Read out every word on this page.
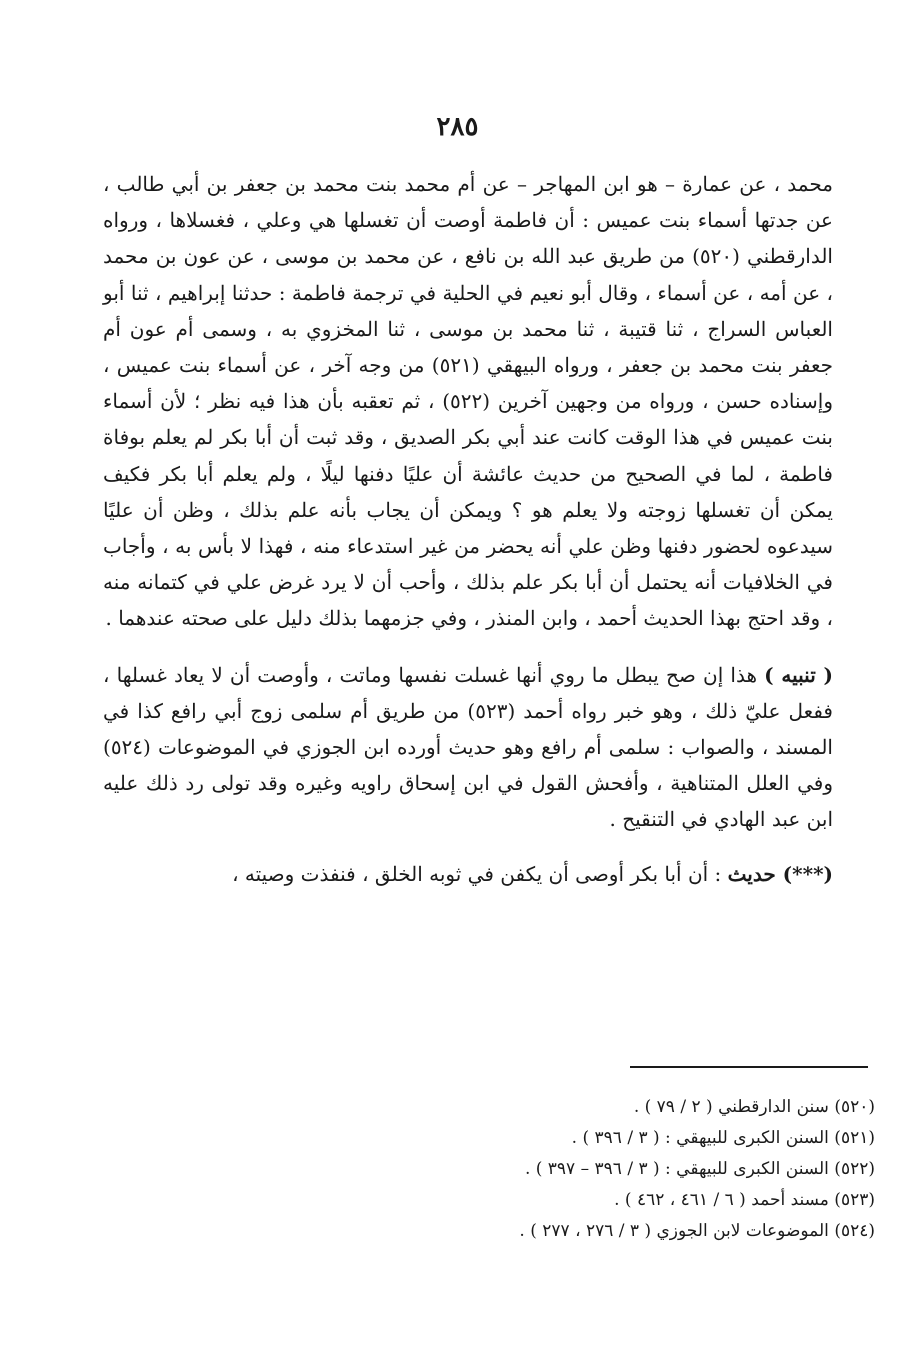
٢٨٥

محمد ، عن عمارة – هو ابن المهاجر – عن أم محمد بنت محمد بن جعفر بن أبي طالب ، عن جدتها أسماء بنت عميس : أن فاطمة أوصت أن تغسلها هي وعلي ، فغسلاها ، ورواه الدارقطني (٥٢٠) من طريق عبد الله بن نافع ، عن محمد بن موسى ، عن عون بن محمد ، عن أمه ، عن أسماء ، وقال أبو نعيم في الحلية في ترجمة فاطمة : حدثنا إبراهيم ، ثنا أبو العباس السراج ، ثنا قتيبة ، ثنا محمد بن موسى ، ثنا المخزوي به ، وسمى أم عون أم جعفر بنت محمد بن جعفر ، ورواه البيهقي (٥٢١) من وجه آخر ، عن أسماء بنت عميس ، وإسناده حسن ، ورواه من وجهين آخرين (٥٢٢) ، ثم تعقبه بأن هذا فيه نظر ؛ لأن أسماء بنت عميس في هذا الوقت كانت عند أبي بكر الصديق ، وقد ثبت أن أبا بكر لم يعلم بوفاة فاطمة ، لما في الصحيح من حديث عائشة أن عليًا دفنها ليلًا ، ولم يعلم أبا بكر فكيف يمكن أن تغسلها زوجته ولا يعلم هو ؟ ويمكن أن يجاب بأنه علم بذلك ، وظن أن عليًا سيدعوه لحضور دفنها وظن علي أنه يحضر من غير استدعاء منه ، فهذا لا بأس به ، وأجاب في الخلافيات أنه يحتمل أن أبا بكر علم بذلك ، وأحب أن لا يرد غرض علي في كتمانه منه ، وقد احتج بهذا الحديث أحمد ، وابن المنذر ، وفي جزمهما بذلك دليل على صحته عندهما .

( تنبيه ) هذا إن صح يبطل ما روي أنها غسلت نفسها وماتت ، وأوصت أن لا يعاد غسلها ، ففعل عليّ ذلك ، وهو خبر رواه أحمد (٥٢٣) من طريق أم سلمى زوج أبي رافع كذا في المسند ، والصواب : سلمى أم رافع وهو حديث أورده ابن الجوزي في الموضوعات (٥٢٤) وفي العلل المتناهية ، وأفحش القول في ابن إسحاق راويه وغيره وقد تولى رد ذلك عليه ابن عبد الهادي في التنقيح .

(***) حديث : أن أبا بكر أوصى أن يكفن في ثوبه الخلق ، فنفذت وصيته ،

(٥٢٠) سنن الدارقطني ( ٢ / ٧٩ ) .
(٥٢١) السنن الكبرى للبيهقي : ( ٣ / ٣٩٦ ) .
(٥٢٢) السنن الكبرى للبيهقي : ( ٣ / ٣٩٦ – ٣٩٧ ) .
(٥٢٣) مسند أحمد ( ٦ / ٤٦١ ، ٤٦٢ ) .
(٥٢٤) الموضوعات لابن الجوزي ( ٣ / ٢٧٦ ، ٢٧٧ ) .
